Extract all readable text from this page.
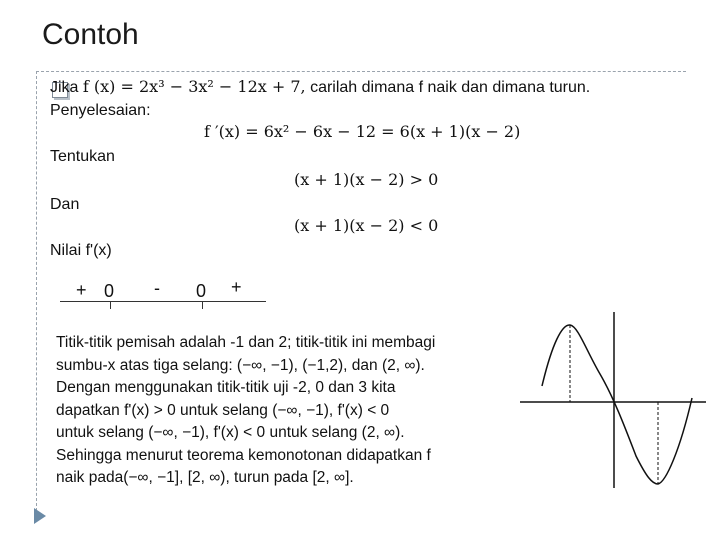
Contoh
Jika f (x) = 2x³ − 3x² − 12x + 7, carilah dimana f naik dan dimana turun.
Penyelesaian:
f ′(x) = 6x² − 6x − 12 = 6(x + 1)(x − 2)
Tentukan
(x + 1)(x − 2) > 0
Dan
(x + 1)(x − 2) < 0
Nilai f'(x)
+ 0 - 0 +

Titik-titik pemisah adalah -1 dan 2; titik-titik ini membagi

sumbu-x atas tiga selang: (−∞, −1), (−1,2), dan (2, ∞).

Dengan menggunakan titik-titik uji -2, 0 dan 3 kita

dapatkan f'(x) > 0 untuk selang (−∞, −1), f'(x) < 0

untuk selang (−∞, −1), f'(x) < 0 untuk selang (2, ∞).

Sehingga menurut teorema kemonotonan didapatkan f

naik pada(−∞, −1], [2, ∞), turun pada [2, ∞].
